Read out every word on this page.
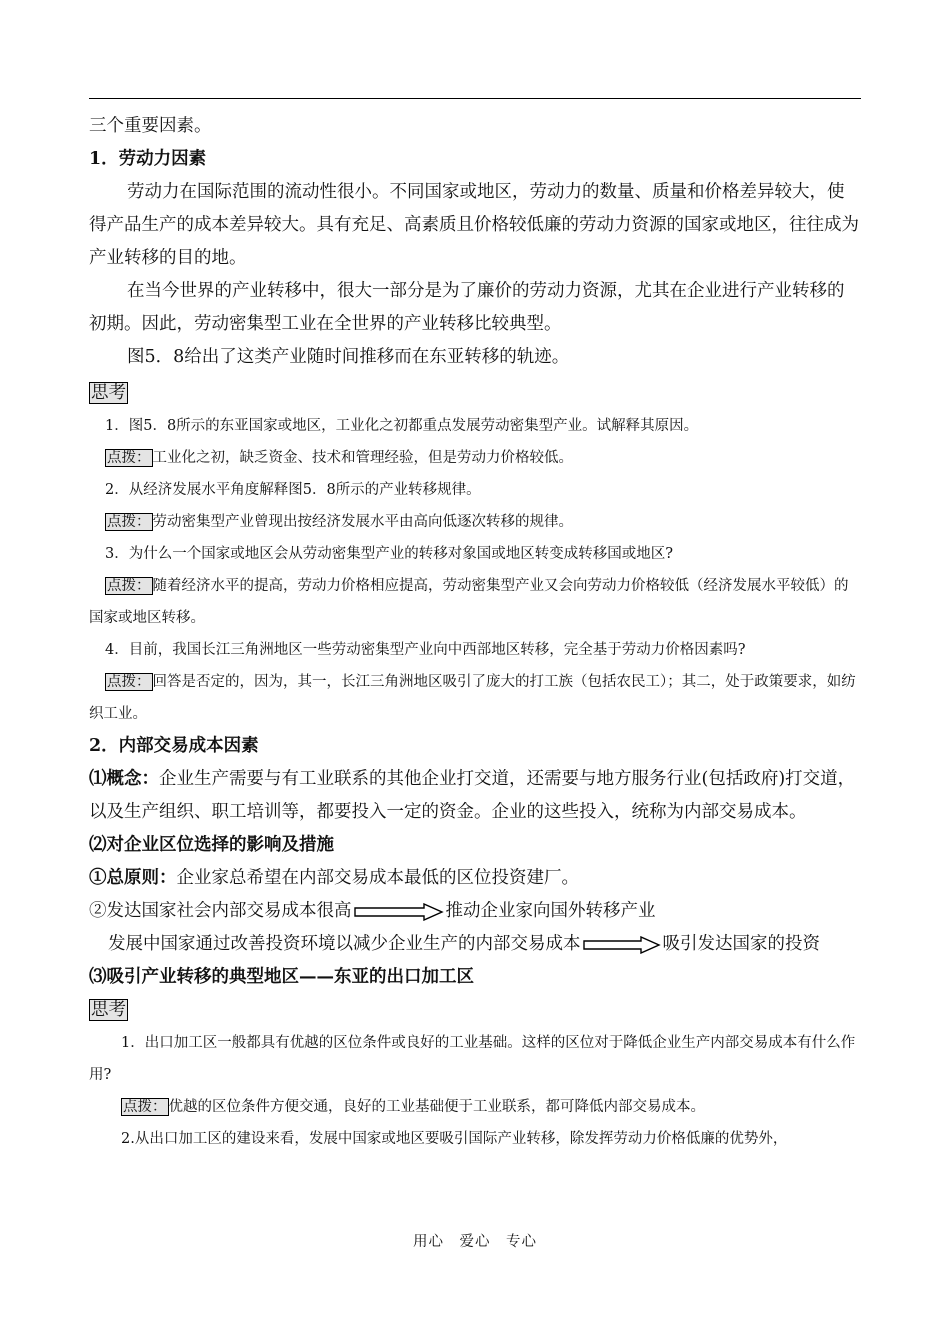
三个重要因素。

1．劳动力因素

劳动力在国际范围的流动性很小。不同国家或地区，劳动力的数量、质量和价格差异较大，使得产品生产的成本差异较大。具有充足、高素质且价格较低廉的劳动力资源的国家或地区，往往成为产业转移的目的地。

在当今世界的产业转移中，很大一部分是为了廉价的劳动力资源，尤其在企业进行产业转移的初期。因此，劳动密集型工业在全世界的产业转移比较典型。

图5．8给出了这类产业随时间推移而在东亚转移的轨迹。

思考

1．图5．8所示的东亚国家或地区，工业化之初都重点发展劳动密集型产业。试解释其原因。

点拨： 工业化之初，缺乏资金、技术和管理经验，但是劳动力价格较低。

2．从经济发展水平角度解释图5．8所示的产业转移规律。

点拨： 劳动密集型产业曾现出按经济发展水平由高向低逐次转移的规律。

3．为什么一个国家或地区会从劳动密集型产业的转移对象国或地区转变成转移国或地区?

点拨： 随着经济水平的提高，劳动力价格相应提高，劳动密集型产业又会向劳动力价格较低（经济发展水平较低）的国家或地区转移。

4．目前，我国长江三角洲地区一些劳动密集型产业向中西部地区转移，完全基于劳动力价格因素吗?

点拨： 回答是否定的，因为，其一，长江三角洲地区吸引了庞大的打工族（包括农民工）；其二，处于政策要求，如纺织工业。

2．内部交易成本因素

⑴概念：企业生产需要与有工业联系的其他企业打交道，还需要与地方服务行业(包括政府)打交道，以及生产组织、职工培训等，都要投入一定的资金。企业的这些投入，统称为内部交易成本。

⑵对企业区位选择的影响及措施

①总原则：企业家总希望在内部交易成本最低的区位投资建厂。

②发达国家社会内部交易成本很高	推动企业家向国外转移产业

发展中国家通过改善投资环境以减少企业生产的内部交易成本	吸引发达国家的投资

⑶吸引产业转移的典型地区——东亚的出口加工区

思考

1．出口加工区一般都具有优越的区位条件或良好的工业基础。这样的区位对于降低企业生产内部交易成本有什么作用?

点拨： 优越的区位条件方便交通，良好的工业基础便于工业联系，都可降低内部交易成本。

2.从出口加工区的建设来看，发展中国家或地区要吸引国际产业转移，除发挥劳动力价格低廉的优势外，

用心　爱心　专心
